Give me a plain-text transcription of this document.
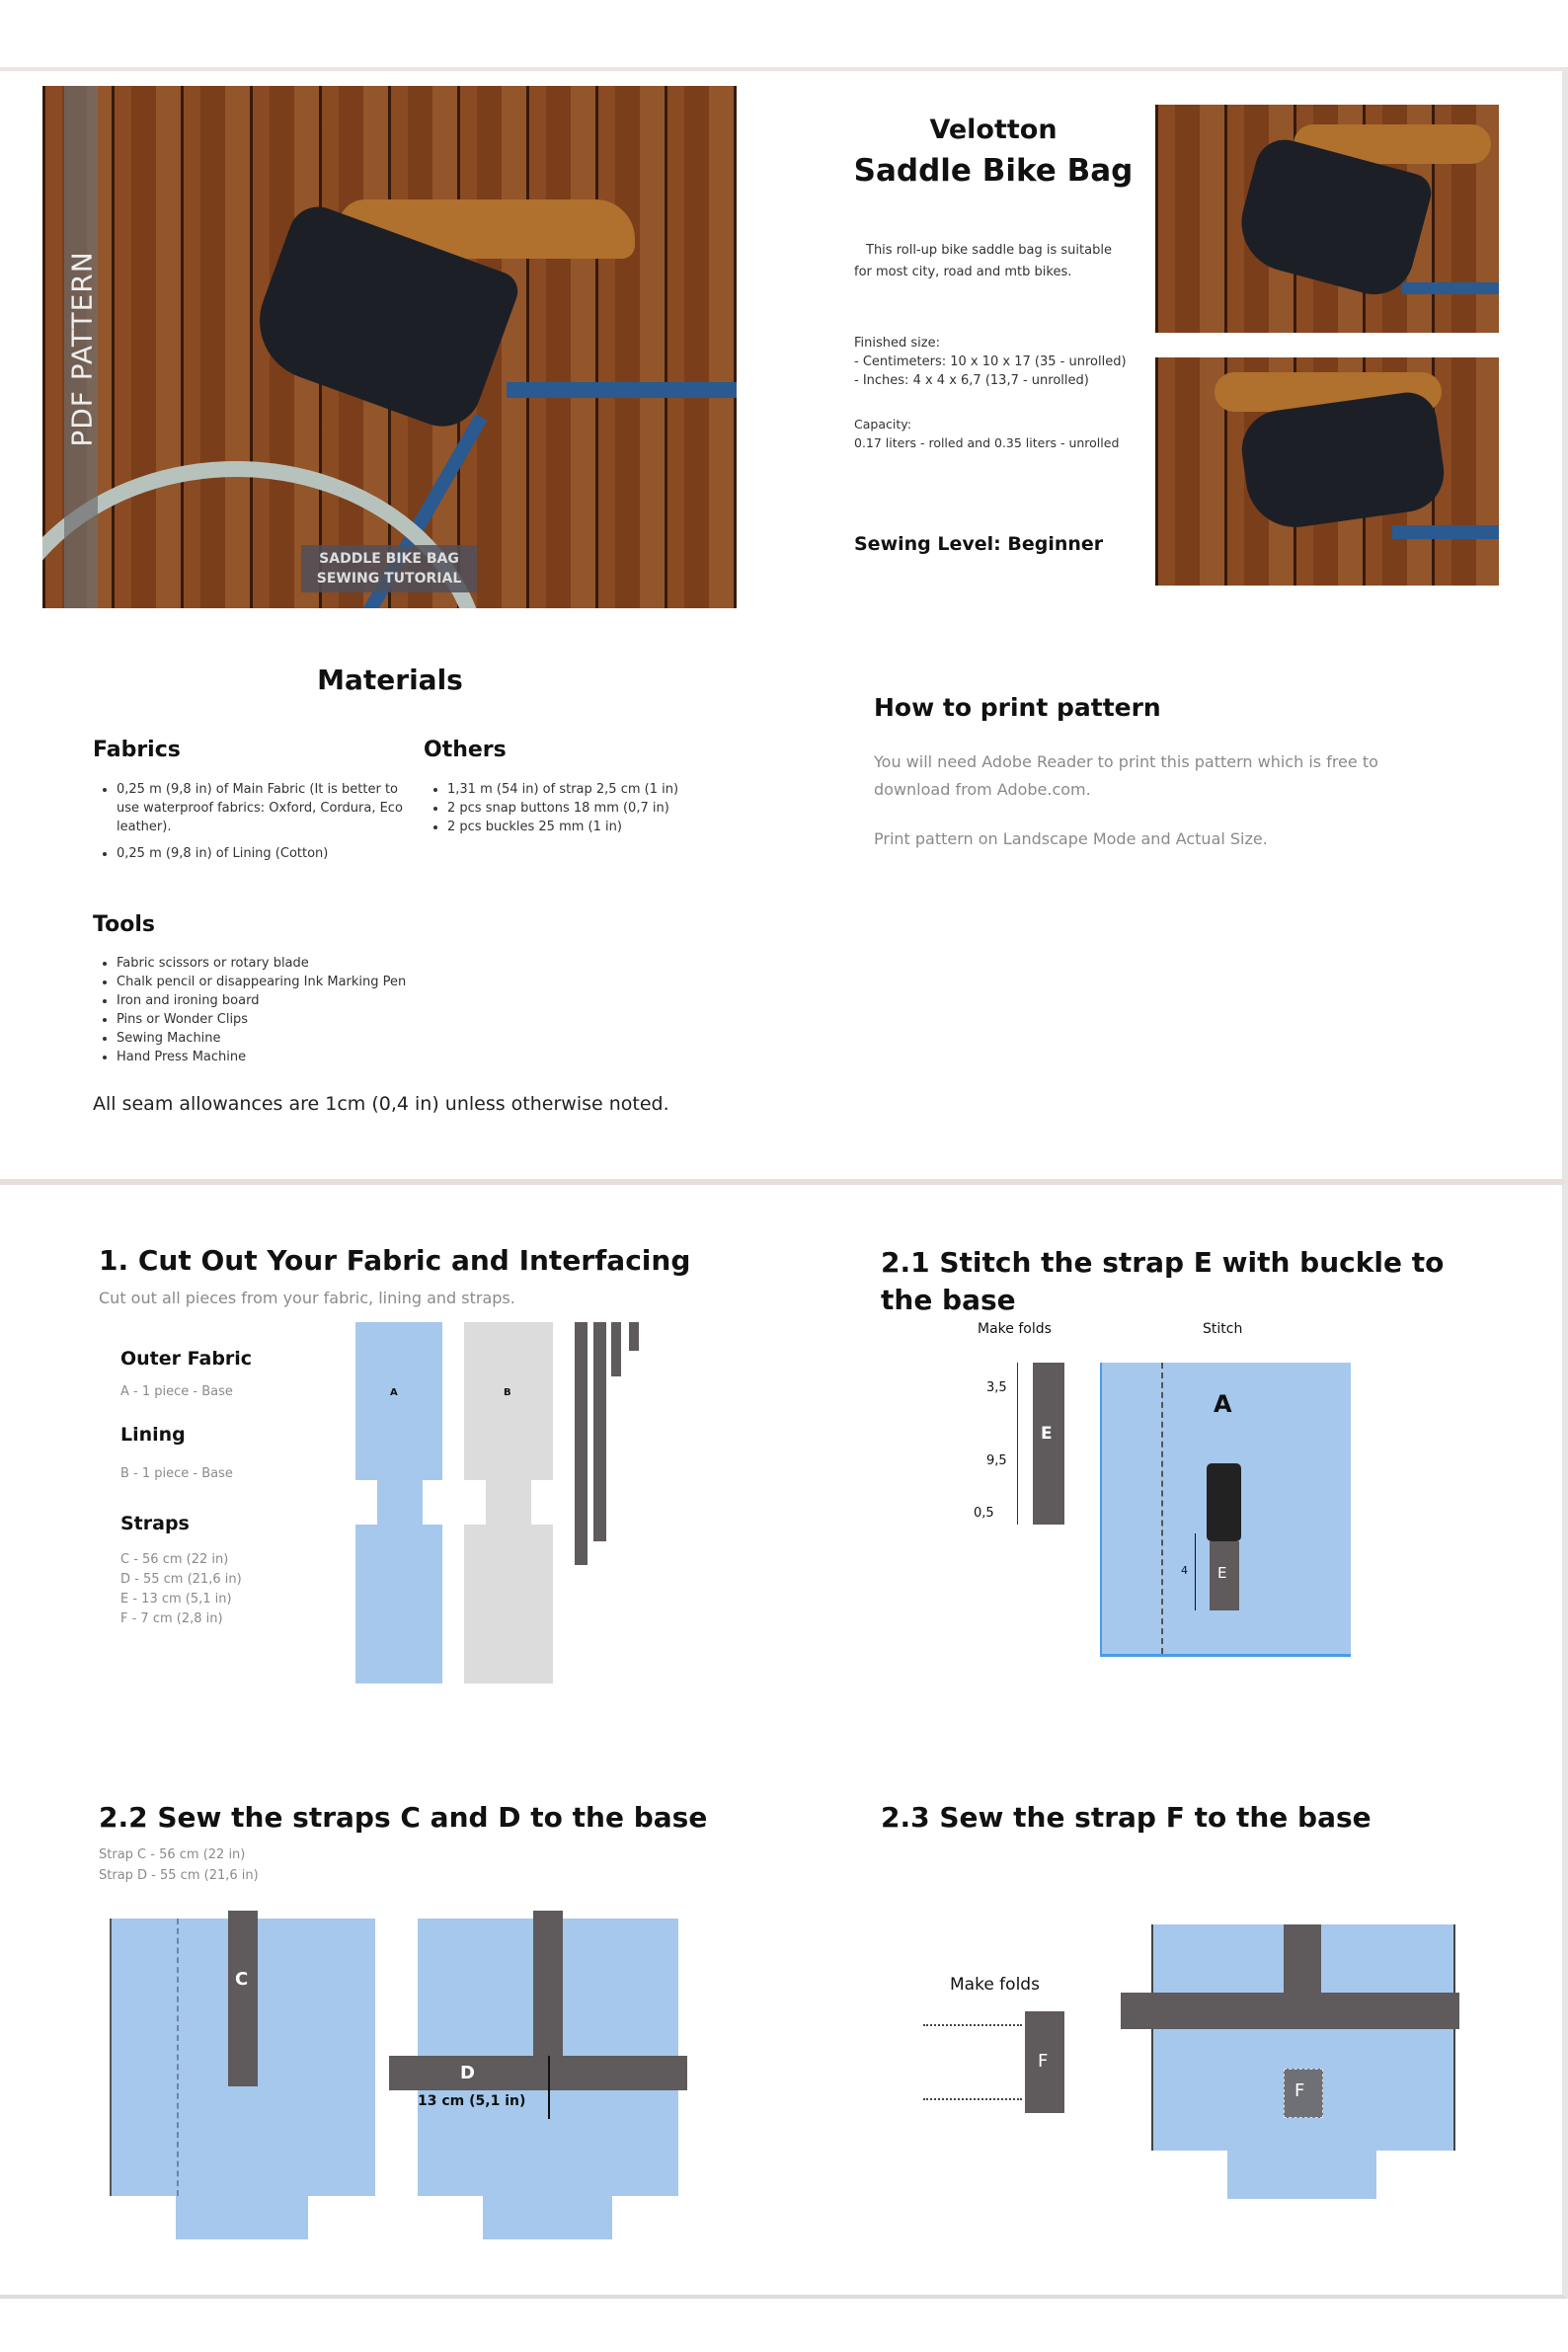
PDF PATTERN
SADDLE BIKE BAG
SEWING TUTORIAL
Velotton
Saddle Bike Bag
This roll-up bike saddle bag is suitable for most city, road and mtb bikes.
Finished size:
- Centimeters: 10 x 10 x 17 (35 - unrolled)
- Inches: 4 x 4 x 6,7 (13,7 - unrolled)
Capacity:
0.17 liters - rolled and 0.35 liters - unrolled
Sewing Level: Beginner
Materials
Fabrics
• 0,25 m (9,8 in) of Main Fabric (It is better to use waterproof fabrics: Oxford, Cordura, Eco leather).
• 0,25 m (9,8 in) of Lining (Cotton)
Others
• 1,31 m (54 in) of strap 2,5 cm (1 in)
• 2 pcs snap buttons 18 mm (0,7 in)
• 2 pcs buckles 25 mm (1 in)
Tools
• Fabric scissors or rotary blade
• Chalk pencil or disappearing Ink Marking Pen
• Iron and ironing board
• Pins or Wonder Clips
• Sewing Machine
• Hand Press Machine
All seam allowances are 1cm (0,4 in) unless otherwise noted.
How to print pattern
You will need Adobe Reader to print this pattern which is free to download from Adobe.com.
Print pattern on Landscape Mode and Actual Size.
1. Cut Out Your Fabric and Interfacing
Cut out all pieces from your fabric, lining and straps.
Outer Fabric
A - 1 piece - Base
Lining
B - 1 piece - Base
Straps
C - 56 cm (22 in)
D - 55 cm (21,6 in)
E - 13 cm (5,1 in)
F - 7 cm (2,8 in)
A	B
2.1 Stitch the strap E with buckle to the base
Make folds	Stitch
E
3,5
9,5
0,5
A
E
4
2.2 Sew the straps C and D to the base
Strap C - 56 cm (22 in)
Strap D - 55 cm (21,6 in)
C
D
13 cm (5,1 in)
2.3 Sew the strap F to the base
Make folds
F
F
